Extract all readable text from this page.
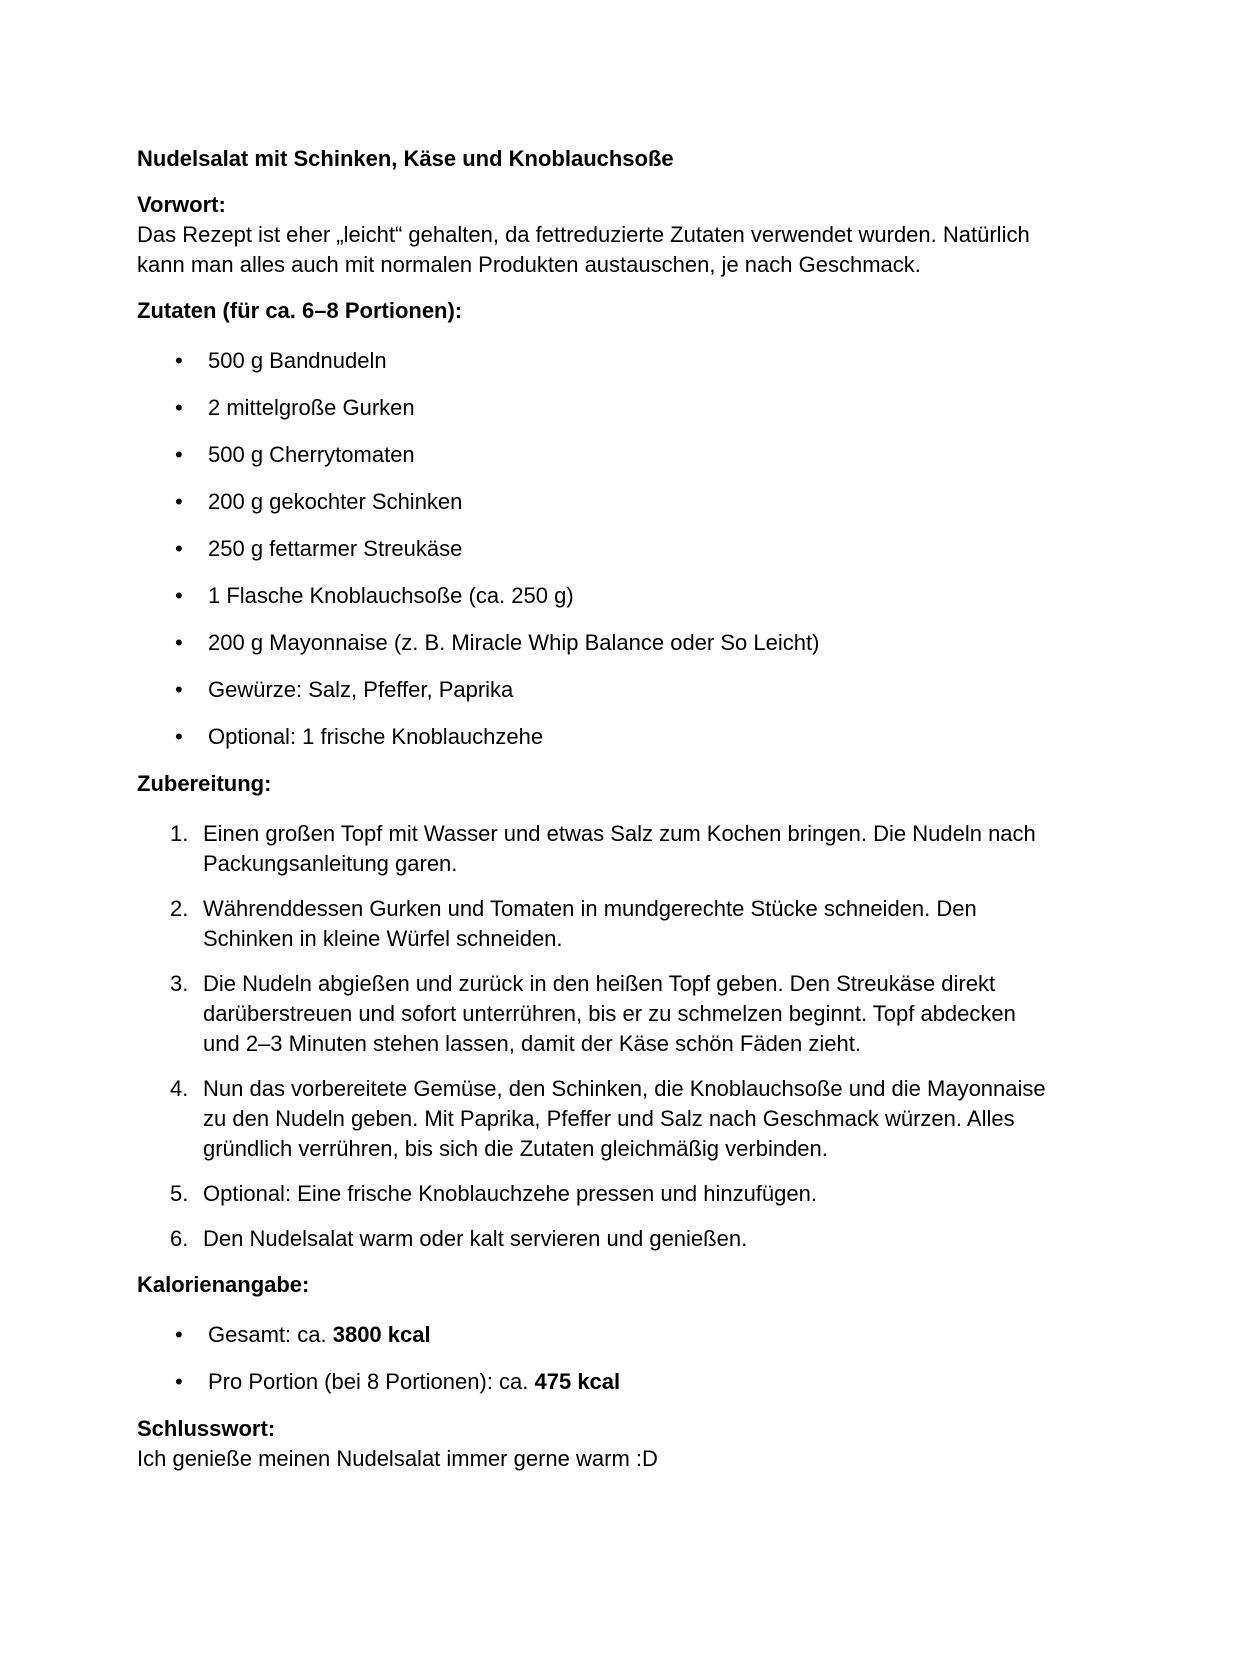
Nudelsalat mit Schinken, Käse und Knoblauchsoße

Vorwort:

Das Rezept ist eher „leicht“ gehalten, da fettreduzierte Zutaten verwendet wurden. Natürlich kann man alles auch mit normalen Produkten austauschen, je nach Geschmack.

Zutaten (für ca. 6–8 Portionen):

• 500 g Bandnudeln
• 2 mittelgroße Gurken
• 500 g Cherrytomaten
• 200 g gekochter Schinken
• 250 g fettarmer Streukäse
• 1 Flasche Knoblauchsoße (ca. 250 g)
• 200 g Mayonnaise (z. B. Miracle Whip Balance oder So Leicht)
• Gewürze: Salz, Pfeffer, Paprika
• Optional: 1 frische Knoblauchzehe

Zubereitung:

Einen großen Topf mit Wasser und etwas Salz zum Kochen bringen. Die Nudeln nach Packungsanleitung garen.
Währenddessen Gurken und Tomaten in mundgerechte Stücke schneiden. Den Schinken in kleine Würfel schneiden.
Die Nudeln abgießen und zurück in den heißen Topf geben. Den Streukäse direkt darüberstreuen und sofort unterrühren, bis er zu schmelzen beginnt. Topf abdecken und 2–3 Minuten stehen lassen, damit der Käse schön Fäden zieht.
Nun das vorbereitete Gemüse, den Schinken, die Knoblauchsoße und die Mayonnaise zu den Nudeln geben. Mit Paprika, Pfeffer und Salz nach Geschmack würzen. Alles gründlich verrühren, bis sich die Zutaten gleichmäßig verbinden.
Optional: Eine frische Knoblauchzehe pressen und hinzufügen.
Den Nudelsalat warm oder kalt servieren und genießen.

Kalorienangabe:

• Gesamt: ca. 3800 kcal
• Pro Portion (bei 8 Portionen): ca. 475 kcal

Schlusswort:

Ich genieße meinen Nudelsalat immer gerne warm :D
